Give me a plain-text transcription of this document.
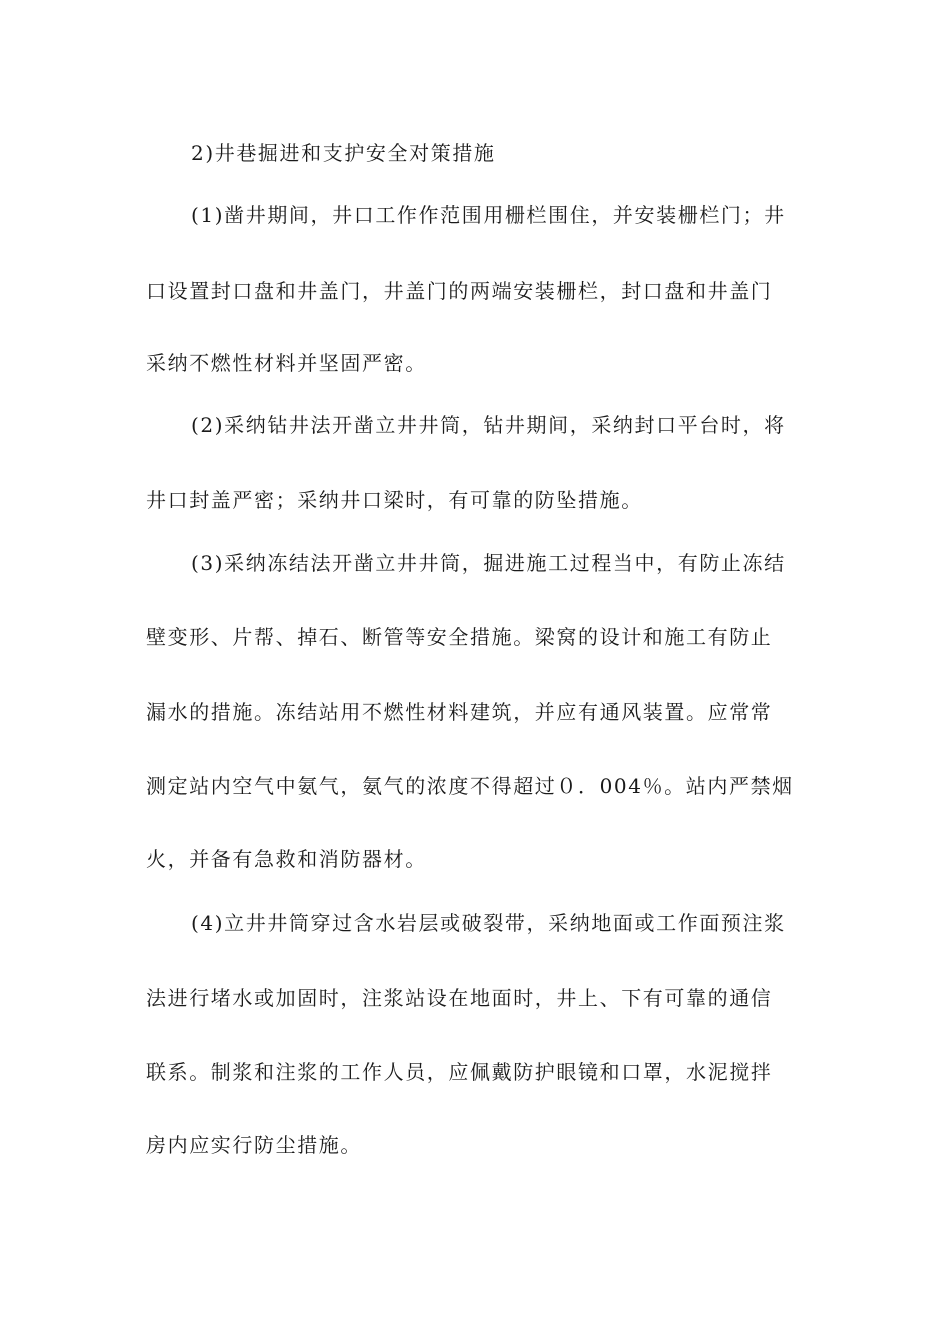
2)井巷掘进和支护安全对策措施
(1)凿井期间，井口工作作范围用栅栏围住，并安装栅栏门；井
口设置封口盘和井盖门，井盖门的两端安装栅栏，封口盘和井盖门
采纳不燃性材料并坚固严密。
(2)采纳钻井法开凿立井井筒，钻井期间，采纳封口平台时，将
井口封盖严密；采纳井口梁时，有可靠的防坠措施。
(3)采纳冻结法开凿立井井筒，掘进施工过程当中，有防止冻结
壁变形、片帮、掉石、断管等安全措施。梁窝的设计和施工有防止
漏水的措施。冻结站用不燃性材料建筑，并应有通风装置。应常常
测定站内空气中氨气，氨气的浓度不得超过０．004％。站内严禁烟
火，并备有急救和消防器材。
(4)立井井筒穿过含水岩层或破裂带，采纳地面或工作面预注浆
法进行堵水或加固时，注浆站设在地面时，井上、下有可靠的通信
联系。制浆和注浆的工作人员，应佩戴防护眼镜和口罩，水泥搅拌
房内应实行防尘措施。
